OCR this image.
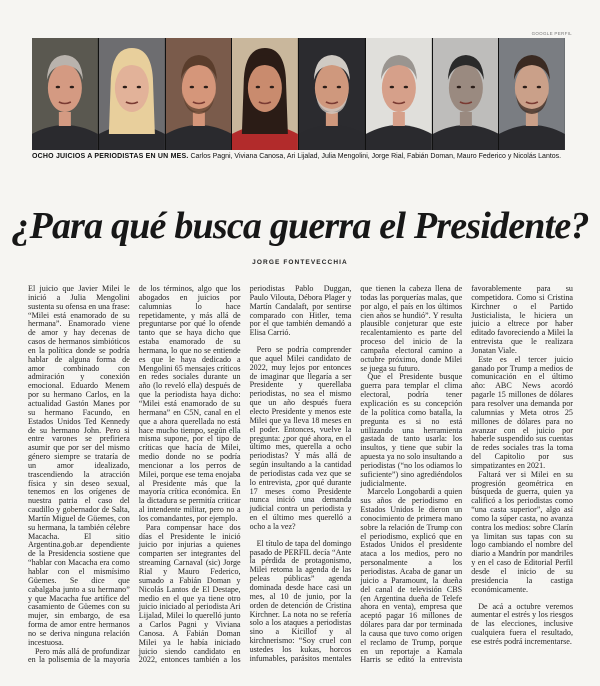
GOOGLE PERFIL
OCHO JUICIOS A PERIODISTAS EN UN MES. Carlos Pagni, Viviana Canosa, Ari Lijalad, Julia Mengolini, Jorge Rial, Fabián Doman, Mauro Federico y Nicolás Lantos.
¿Para qué busca guerra el Presidente?
JORGE FONTEVECCHIA

El juicio que Javier Milei le inició a Julia Mengolini sustenta su ofensa en una frase: “Milei está enamorado de su hermana”. Enamorado viene de amor y hay decenas de casos de hermanos simbióticos en la política donde se podría hablar de alguna forma de amor combinado con admiración y conexión emocional. Eduardo Menem por su hermano Carlos, en la actualidad Gastón Manes por su hermano Facundo, en Estados Unidos Ted Kennedy de su hermano John. Pero si entre varones se prefiriera asumir que por ser del mismo género siempre se trataría de un amor idealizado, trascendiendo la atracción física y sin deseo sexual, tenemos en los orígenes de nuestra patria el caso del caudillo y gobernador de Salta, Martín Miguel de Güemes, con su hermana, la también célebre Macacha. El sitio Argentina.gob.ar dependiente de la Presidencia sostiene que “hablar con Macacha era como hablar con el mismísimo Güemes. Se dice que cabalgaba junto a su hermano” y que Macacha fue artífice del casamiento de Güemes con su mujer, sin embargo, de esa forma de amor entre hermanos no se deriva ninguna relación incestuosa.

Pero más allá de profundizar en la polisemia de la mayoría de los términos, algo que los abogados en juicios por calumnias lo hace repetidamente, y más allá de preguntarse por qué lo ofende tanto que se haya dicho que estaba enamorado de su hermana, lo que no se entiende es que le haya dedicado a Mengolini 65 mensajes críticos en redes sociales durante un año (lo reveló ella) después de que la periodista haya dicho: “Milei está enamorado de su hermana” en C5N, canal en el que a ahora querellada no está hace mucho tiempo, según ella misma supone, por el tipo de críticas que hacía de Milei, medio donde no se podría mencionar a los perros de Milei, porque ese tema enojaba al Presidente más que la mayoría crítica económica. En la dictadura se permitía criticar al intendente militar, pero no a los comandantes, por ejemplo.

Para compensar hace dos días el Presidente le inició juicio por injurias a quienes comparten ser integrantes del streaming Carnaval (sic) Jorge Rial y Mauro Federico, sumado a Fabián Doman y Nicolás Lantos de El Destape, medio en el que ya tiene otro juicio iniciado al periodista Ari Lijalad, Milei lo querelló junto a Carlos Pagni y Viviana Canosa. A Fabián Doman Milei ya le había iniciado juicio siendo candidato en 2022, entonces también a los periodistas Pablo Duggan, Paulo Vilouta, Débora Plager y Martín Candalaft, por sentirse comparado con Hitler, tema por el que también demandó a Elisa Carrió.

Pero se podría comprender que aquel Milei candidato de 2022, muy lejos por entonces de imaginar que llegaría a ser Presidente y querellaba periodistas, no sea el mismo que un año después fuera electo Presidente y menos este Milei que ya lleva 18 meses en el poder. Entonces, vuelve la pregunta: ¿por qué ahora, en el último mes, querella a ocho periodistas? Y más allá de según insultando a la cantidad de periodistas cada vez que se lo entrevista, ¿por qué durante 17 meses como Presidente nunca inició una demanda judicial contra un periodista y en el último mes querelló a ocho a la vez?

El título de tapa del domingo pasado de PERFIL decía “Ante la pérdida de protagonismo, Milei retoma la agenda de las peleas públicas” agenda dominada desde hace casi un mes, al 10 de junio, por la orden de detención de Cristina Kirchner. La nota no se refería solo a los ataques a periodistas sino a Kicillof y al kirchnerismo: “Soy cruel con ustedes los kukas, horcos infumables, parásitos mentales que tienen la cabeza llena de todas las porquerías malas, que por algo, el país en los últimos cien años se hundió”. Y resulta plausible conjeturar que este recalentamiento es parte del proceso del inicio de la campaña electoral camino a octubre próximo, donde Milei se juega su futuro.

Que el Presidente busque guerra para templar el clima electoral, podría tener explicación es su concepción de la política como batalla, la pregunta es si no está utilizando una herramienta gastada de tanto usarla: los insultos, y tiene que subir la apuesta ya no solo insultando a periodistas (“no los odiamos lo suficiente”) sino agrediéndolos judicialmente.

Marcelo Longobardi a quien sus años de periodismo en Estados Unidos le dieron un conocimiento de primera mano sobre la relación de Trump con el periodismo, explicó que en Estados Unidos el presidente ataca a los medios, pero no personalmente a los periodistas. Acaba de ganar un juicio a Paramount, la dueña del canal de televisión CBS (en Argentina dueña de Telefe ahora en venta), empresa que aceptó pagar 16 millones de dólares para dar por terminada la causa que tuvo como origen el reclamo de Trump, porque en un reportaje a Kamala Harris se editó la entrevista favorablemente para su competidora. Como si Cristina Kirchner o el Partido Justicialista, le hiciera un juicio a eltrece por haber editado favoreciendo a Milei la entrevista que le realizara Jonatan Viale.

Este es el tercer juicio ganado por Trump a medios de comunicación en el último año: ABC News acordó pagarle 15 millones de dólares para resolver una demanda por calumnias y Meta otros 25 millones de dólares para no avanzar con el juicio por haberle suspendido sus cuentas de redes sociales tras la toma del Capitolio por sus simpatizantes en 2021.

Faltará ver si Milei en su progresión geométrica en búsqueda de guerra, quien ya calificó a los periodistas como “una casta superior”, algo así como la súper casta, no avanza contra los medios: sobre Clarín ya limitan sus tapas con su logo cambiando el nombre del diario a Mandrín por mandriles y en el caso de Editorial Perfil desde el inicio de su presidencia la castiga económicamente.

De acá a octubre veremos aumentar el estrés y los riesgos de las elecciones, inclusive cualquiera fuera el resultado, ese estrés podrá incrementarse.
